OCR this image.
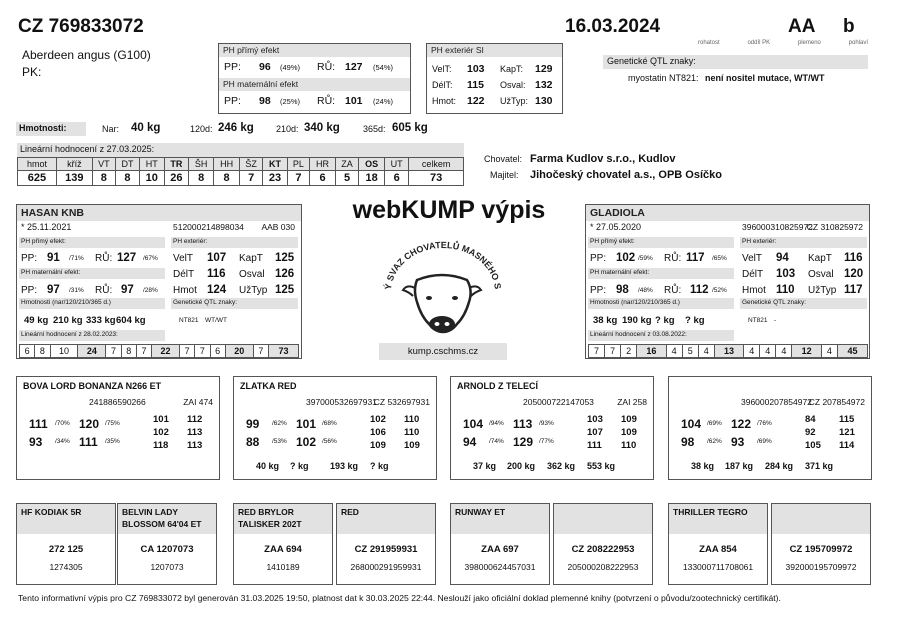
CZ 769833072	16.03.2024	AA b
rohatost	oddíl PK	plemeno	pohlaví
Aberdeen angus (G100)
PK:
PH přímý efekt
PP: 96 (49%) RŮ: 127 (54%)
PH maternální efekt
PP: 98 (25%) RŮ: 101 (24%)
PH exteriér SI
VelT: 103 KapT: 129
DélT: 115 Osval: 132
Hmot: 122 UžTyp: 130
Genetické QTL znaky:
myostatin NT821: není nositel mutace, WT/WT
Hmotnosti:	Nar: 40 kg	120d: 246 kg 210d: 340 kg	365d: 605 kg
Lineární hodnocení z 27.03.2025:
hmot	kříž	VT	DT	HT	TR	ŠH	HH	ŠZ	KT	PL	HR	ZA	OS	UT	celkem
625	139	8	8	10	26	8	8	7	23	7	6	5	18	6	73
Chovatel: Farma Kudlov s.r.o., Kudlov
Majitel: Jihočeský chovatel a.s., OPB Osíčko
webKUMP výpis
Ý SVAZ CHOVATELŮ MASNÉHO S
kump.cschms.cz
HASAN KNB
* 25.11.2021	512000214898034 AAB 030
PH přímý efekt:	PH exteriér:
PP: 91 /71% RŮ: 127 /67%
PH maternální efekt:
PP: 97 /31% RŮ: 97 /28%
VelT 107 KapT 125
DélT 116 Osval 126
Hmot 124 UžTyp 125
Hmotnosti (nar/120/210/365 d.)	Genetické QTL znaky:
49 kg 210 kg 333 kg 604 kg	NT821 WT/WT
Lineární hodnocení z 28.02.2023:
6	8	10	24	7	8	7	22	7	7	6	20	7	73
GLADIOLA
* 27.05.2020	396000310825972
CZ 310825972
PH přímý efekt:	PH exteriér:
PP: 102 /59% RŮ: 117 /65%
PH maternální efekt:
PP: 98 /48% RŮ: 112 /52%
VelT 94 KapT 116
DélT 103 Osval 120
Hmot 110 UžTyp 117
Hmotnosti (nar/120/210/365 d.)	Genetické QTL znaky:
38 kg 190 kg ? kg ? kg	NT821 -
Lineární hodnocení z 03.08.2022:
7	7	2	16	4	5	4	13	4	4	4	12	4	45
BOVA LORD BONANZA N266 ET
241886590266	ZAI 474
111 /70% 120 /75%
93 /34% 111 /35%
101 112
102 113
118 113
ZLATKA RED
397000532697931
CZ 532697931
99 /62% 101 /68%
88 /53% 102 /56%
102 110
106 110
109 109
40 kg ? kg 193 kg ? kg
ARNOLD Z TELECÍ
205000722147053	ZAI 258
104 /94% 113 /93%
94 /74% 129 /77%
103 109
107 109
111 110
37 kg 200 kg 362 kg 553 kg
396000207854972
CZ 207854972
104 /69% 122 /76%
98 /62% 93 /69%
84 115
92 121
105 114
38 kg 187 kg 284 kg 371 kg
HF KODIAK 5R
272 125
1274305
BELVIN LADY BLOSSOM 64'04 ET
CA 1207073
1207073
RED BRYLOR TALISKER 202T
ZAA 694
1410189
RED
CZ 291959931
268000291959931
RUNWAY ET
ZAA 697
398000624457031
CZ 208222953
205000208222953
THRILLER TEGRO
ZAA 854
133000711708061
CZ 195709972
392000195709972
Tento informativní výpis pro CZ 769833072 byl generován 31.03.2025 19:50, platnost dat k 30.03.2025 22:44. Neslouží jako oficiální doklad plemenné knihy (potvrzení o původu/zootechnický certifikát).
